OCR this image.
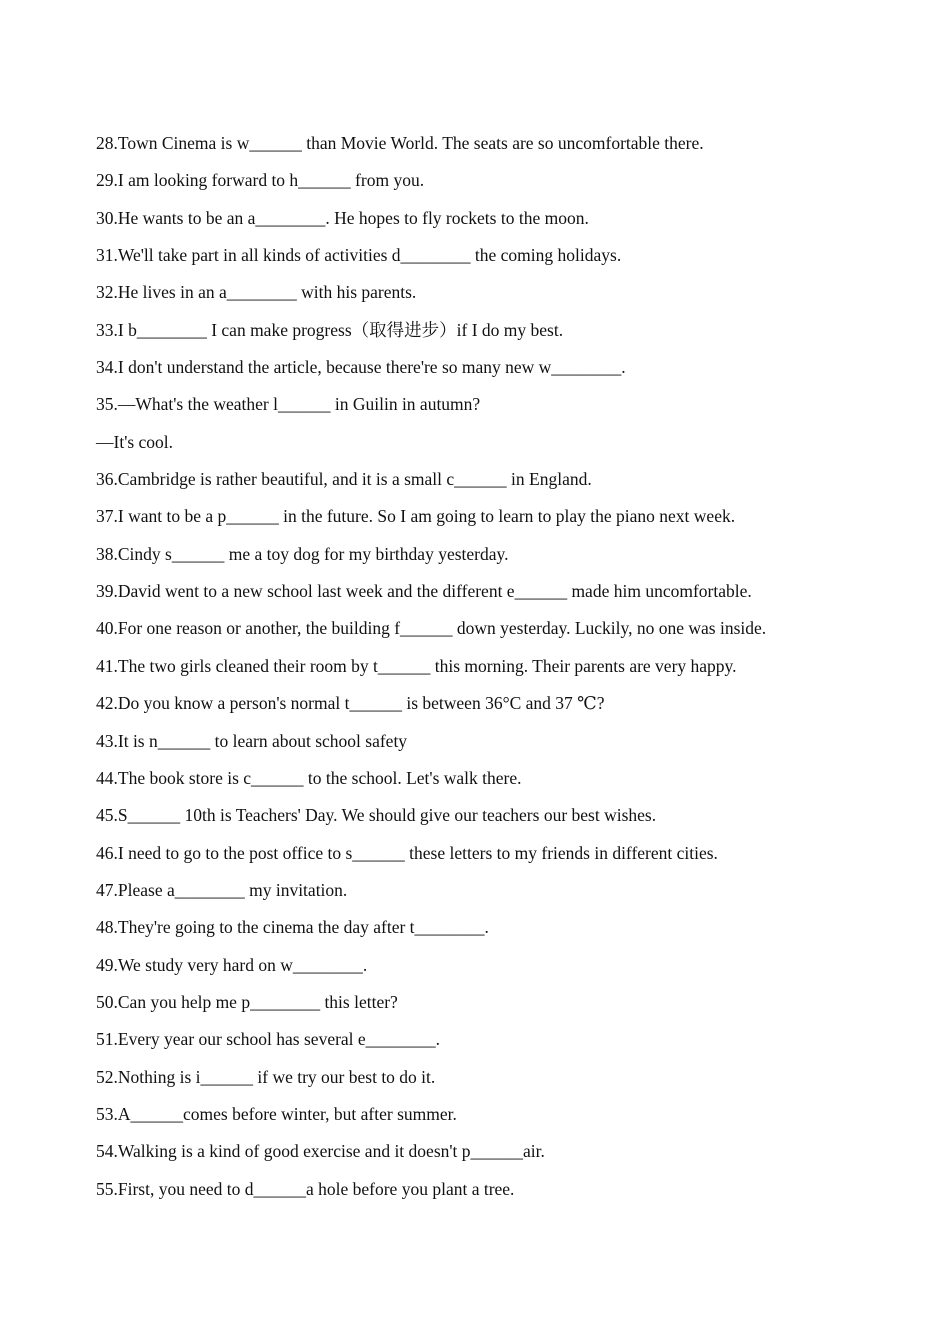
28.Town Cinema is w______ than Movie World. The seats are so uncomfortable there.
29.I am looking forward to h______ from you.
30.He wants to be an a________. He hopes to fly rockets to the moon.
31.We'll take part in all kinds of activities d________ the coming holidays.
32.He lives in an a________ with his parents.
33.I b________ I can make progress（取得进步）if I do my best.
34.I don't understand the article, because there're so many new w________.
35.—What's the weather l______ in Guilin in autumn?
—It's cool.
36.Cambridge is rather beautiful, and it is a small c______ in England.
37.I want to be a p______ in the future. So I am going to learn to play the piano next week.
38.Cindy s______ me a toy dog for my birthday yesterday.
39.David went to a new school last week and the different e______ made him uncomfortable.
40.For one reason or another, the building f______ down yesterday. Luckily, no one was inside.
41.The two girls cleaned their room by t______ this morning. Their parents are very happy.
42.Do you know a person's normal t______ is between 36°C and 37 ℃?
43.It is n______ to learn about school safety
44.The book store is c______ to the school. Let's walk there.
45.S______ 10th is Teachers' Day. We should give our teachers our best wishes.
46.I need to go to the post office to s______ these letters to my friends in different cities.
47.Please a________ my invitation.
48.They're going to the cinema the day after t________.
49.We study very hard on w________.
50.Can you help me p________ this letter?
51.Every year our school has several e________.
52.Nothing is i______ if we try our best to do it.
53.A______comes before winter, but after summer.
54.Walking is a kind of good exercise and it doesn't p______air.
55.First, you need to d______a hole before you plant a tree.
